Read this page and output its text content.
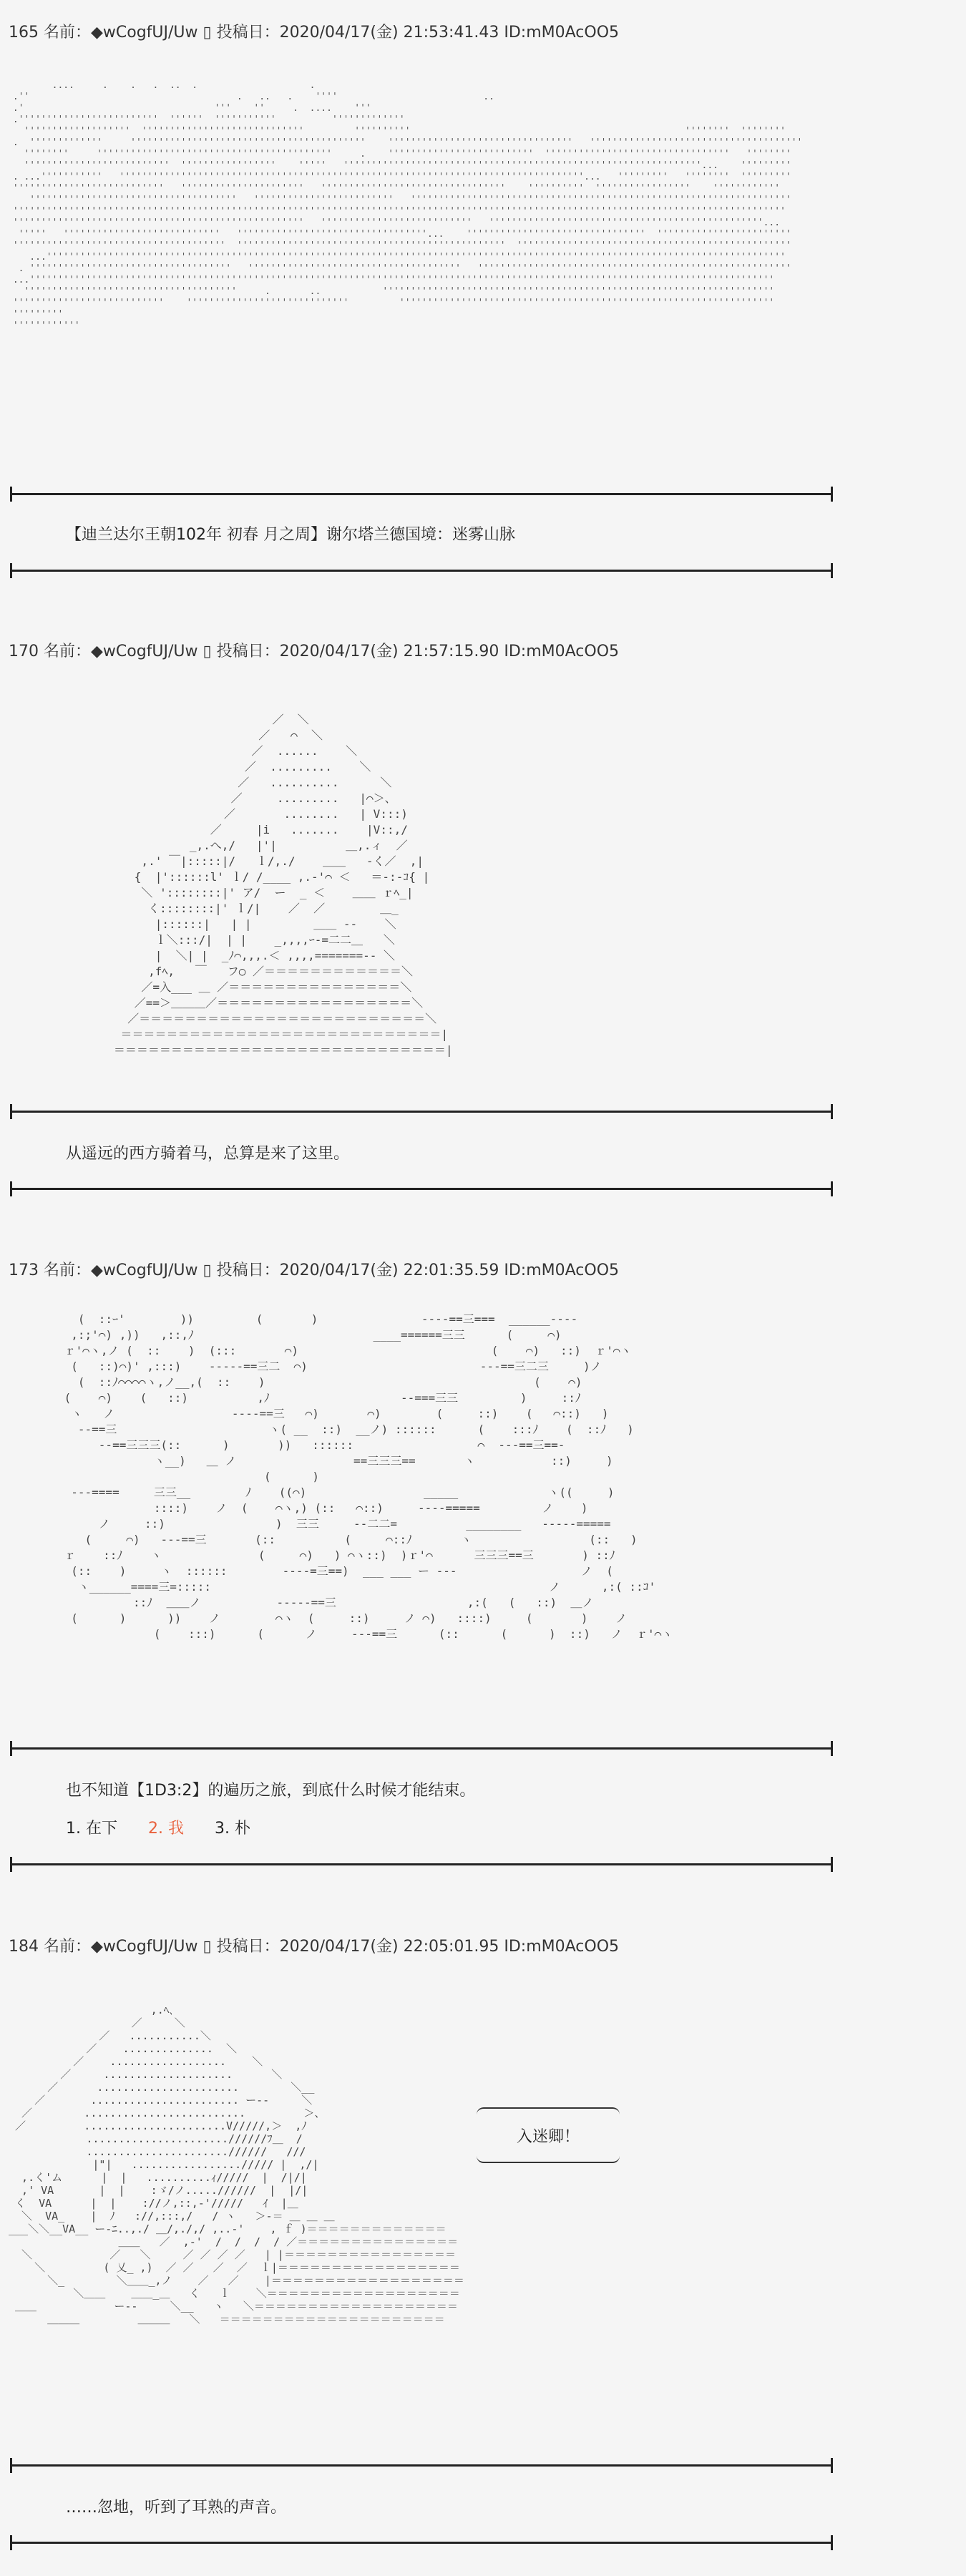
165 名前：◆wCogfUJ/Uw ▯ 投稿日：2020/04/17(金) 21:53:41.43 ID:mM0AcOO5
....     .    .   .  ..  .                    .
.''                                     .   ..   .    ''''                          ..
.'                                  '''    ''     .  ....    '''
.'''''''''''''''''''''''''  ''''''  '''''''''''          '''''''''''''
'''''''''''''''''''  '''''''''''''''''''''''''''''         ''''''''''                                                 ''''''''  ''''''''
.  '''''''''''''     ''''''''''''''''''''''''''''''''''''''''''    '''''''''''''''''''''''''''''''''   ''''''''''''''''''''''''''''''''''''''
''''''''     ''''''''''''''''''''''''''''''''''''''''''     .    ''''''''''''''''''''''''''  '''''''''''''''''''''''''''''''''   ''''''''
''''''''''''''''''''''''''  '''''''''''''''''    '''''   ''''''''''''''''''''''''''''''''''''''''''''''''''''''''''''''''...    '''''''''
. ...'''''''''''   '''''''''''''''''''''''''''''''''''''''''''''''''''''''''''''''''''''''''''''''''''...   '''''''''   ''''''''  '''''''''
'''''''''''''''''''''''''''   ''''''''''''''''''''''   '''''''''''''''''''''''''''''''''    ''''''''''  '''''''''''''''''    ''''''''''''
'''''''''''''''''''''''''''''''''''''   '''''''''''''''''''''''''   ''''''''''''''''''''''''''''''''''''''''''''''''''''''''''''''''''''
''''''''''''''''''''''''''''''''''''''''''''''''''''''''''''''''''''''''''''''''''''''''''''''''''''''''''''''''''''''''''''''''''''''''''
''''''''''''''''''''''''''''''''''''''''''''''''''''   '''''''''''''''''''''''''''   '''''''''''''''''''''''''''''''''''''''''''''''''...
'''''   ''''''''''''''''''''''''''''   ''''''''''''''''''''''''''''''''''...    ''''''''''''''''''''''''''''''''  ''''''''''''''''''''''''
''''''''''''''''''''''''''''''''''''''  ''''''''''''''''''''''''''''''''''''''''''''''''  '''''''''''''''''''''''''''''''''''''''''''''''''
...''''''''''''''''''''''''''''''''''''''''''''''''''''''''''''''''''''''''''''''''''''''''''''''''''''''''''''''''''''''''''''''''''''
. ''''''''''''''''''''''''''''''''''''   ''''''''''''''''''''''''''''''''''''''   ''''''''''''''''''''''''''''''''''''''''''''''''''''''''
...'''''''''''''''''''''''''''''''''''''''''''''''''''''''''''''''''''''''''''''''''''''''''''''''''''''''''''''''''''''''''''''''''''''
''''''''''''''''''''''''''''''''''''''     .       ..           ''''''''''''''''''''''''''''''''''''''''''''''''''''''''''''''''''''''
'''''''''''''''''''''''''''    '''''''''''''''''''''''''''''         '''''''''''''''''''''''''''''''''''''''''''''''''''''''''''''''''''
'''''''''
''''''''''''
【迪兰达尔王朝102年 初春 月之周】谢尔塔兰德国境：迷雾山脉
170 名前：◆wCogfUJ/Uw ▯ 投稿日：2020/04/17(金) 21:57:15.90 ID:mM0AcOO5
／  ＼
／   ⌒  ＼
／  ......    ＼
／  .........    ＼
／   ..........      ＼
／     .........   |⌒＞、
／       ........   | V:::)
／     |i   .......    |V::,/
_,.へ,/   |'|          ＿,.ィ  ／
,.' ￣|:::::|/   ｌ/,./    ＿＿   -く／  ,|
{  |'::::::l' ｌ/ /____ ,.-'⌒ ＜   ＝-:-ｺ{ |
＼ '::::::::|' ア/  ー  _ ＜    ＿＿ ｒﾍ_|
く::::::::|' ｌ/|    ／  ／        ＿_
|::::::|   | |         ＿＿ -‐    ＼
ｌ＼:::/|  | |    _,,,,ｰ‐=二二＿   ＼
|  ＼| |  _ﾉ⌒,,,.＜ ,,,,=======-- ＼
,fﾍ,   ￣   フ○ ／＝＝＝＝＝＝＝＝＝＝＝＝＼
／=入___ ＿ ／＝＝＝＝＝＝＝＝＝＝＝＝＝＝＝＼
／==＞＿＿＿／＝＝＝＝＝＝＝＝＝＝＝＝＝＝＝＝＝＼
／＝＝＝＝＝＝＝＝＝＝＝＝＝＝＝＝＝＝＝＝＝＝＝＝＝＼
＝＝＝＝＝＝＝＝＝＝＝＝＝＝＝＝＝＝＝＝＝＝＝＝＝＝＝＝|
＝＝＝＝＝＝＝＝＝＝＝＝＝＝＝＝＝＝＝＝＝＝＝＝＝＝＝＝＝|
从遥远的西方骑着马，总算是来了这里。
173 名前：◆wCogfUJ/Uw ▯ 投稿日：2020/04/17(金) 22:01:35.59 ID:mM0AcOO5
(  ::ｰ'        ))         (       )               ----==三===  ______----
,:;'⌒) ,))   ,::,ﾉ                          ____======三三      (     ⌒)
ｒ'⌒ヽ,ノ (  ::    )  (:::       ⌒)                            (    ⌒)   ::)  ｒ'⌒ヽ
(   ::)⌒)' ,:::)    -----==三二  ⌒)                         ---==三二三     )ノ
(  ::ﾉ⌒⌒⌒⌒ヽ,ノ__,(  ::    )                                       (    ⌒)
(    ⌒)    (   ::)          ,ﾉ                   --===三三         )     ::ﾉ
ヽ   ノ                 ----==三   ⌒)       ⌒)        (     ::)    (   ⌒::)   )
--==三                      ヽ( __  ::)  __ノ) ::::::      (    :::ﾉ    (  ::ﾉ   )
--==三三三(::      )       ))   ::::::                  ⌒  ---==三==-
ヽ__)   ＿ ノ                 ==三三三==       ヽ           ::)     )
(      )
---====     三三__        ﾉ    ((⌒)                 _____             ヽ((     )
::::)    ノ  (    ⌒ヽ,) (::   ⌒::)     ----=====         ノ    )
ノ     ::)                )  三三     --二二=          ________   -----=====
(     ⌒)   ---==三       (::          (     ⌒::ﾉ       ヽ                 (::   )
ｒ    ::ﾉ    ヽ              (     ⌒)   ) ⌒ヽ::)  )ｒ'⌒      三三三==三       ) ::ﾉ
(::    )     ヽ  ::::::        ----=三==)  ___ ___ ー ---                  ノ  (
ヽ______====三=:::::                                                 ノ      ,:( ::ｺ'
::ﾉ  ＿＿ノ           -----==三                   ,:(   (   ::)  ＿ノ
(      )      ))    ノ        ⌒ヽ  (     ::)     ノ ⌒)   ::::)     (       )    ノ
(    :::)      (      ノ     ---==三      (::      (      )  ::)   ノ  ｒ'⌒ヽ
也不知道【1D3:2】的遍历之旅，到底什么时候才能结束。
1. 在下 2. 我 3. 朴
184 名前：◆wCogfUJ/Uw ▯ 投稿日：2020/04/17(金) 22:05:01.95 ID:mM0AcOO5
,.ﾍ､
／     ＼
／   ...........＼
／    ..............  ＼
／    ..................    ＼
／     ....................      ＼
／      ......................        ＼__
／       ....................... ー--     ＼
／        .........................         ＞、
／         ......................V/////,＞  ,ﾉ
......................//////ﾌ＿  /
......................//////   ///
|"|   .................///// |  ,/|
,.く'ム      |  |   ..........ｨ/////  |  /|/|
,' VA       |  |    :ゞ/ノ.....//////  |  |/|
く  VA      |  |    ://ノ,::,-'/////   ｲ  |＿
＼  VA_    |  ﾉ   ://,:::,/   / ヽ   ＞-＝ ＿ ＿ ＿
___＼＼__VA__ ー-ﾆ..,./ ＿/,./,/ ,..-'    , ｆ )＝＝＝＝＝＝＝＝＝＝＝＝＝
＿＿   ／  ,-'  /  /  /  / ／＝＝＝＝＝＝＝＝＝＝＝＝＝＝＝
＼            ／   ＼     ／ ／ ／ ／   | |＝＝＝＝＝＝＝＝＝＝＝＝＝＝＝＝
＼         ( 乂_ ,)  ／ ／   ／  ／  ｌ|＝＝＝＝＝＝＝＝＝＝＝＝＝＝＝＝＝
＼_        ＼＿＿_,ノ    ／   ／    |＝＝＝＝＝＝＝＝＝＝＝＝＝＝＝＝＝＝
＼＿＿    ＿＿_＿   く   ｌ    ＼＝＝＝＝＝＝＝＝＝＝＝＝＝＝＝＝＝＝
＿＿            ー--     ＼__   ヽ   ＼＝＝＝＝＝＝＝＝＝＝＝＝＝＝＝＝＝＝＝
＿＿＿         ＿＿＿   ＼   ＝＝＝＝＝＝＝＝＝＝＝＝＝＝＝＝＝＝＝＝＝
入迷卿！
……忽地，听到了耳熟的声音。
